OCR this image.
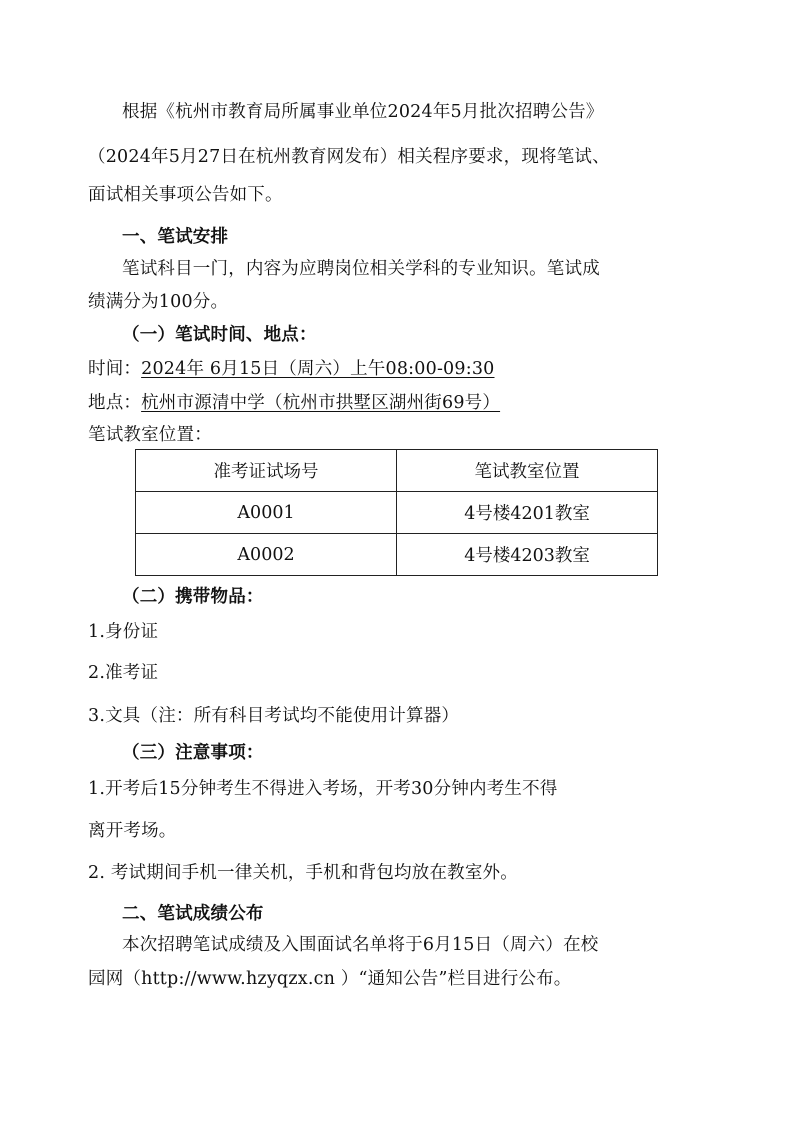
根据《杭州市教育局所属事业单位2024年5月批次招聘公告》
（2024年5月27日在杭州教育网发布）相关程序要求，现将笔试、
面试相关事项公告如下。
一、笔试安排
笔试科目一门，内容为应聘岗位相关学科的专业知识。笔试成
绩满分为100分。
（一）笔试时间、地点：
时间：2024年 6月15日（周六）上午08:00-09:30
地点：杭州市源清中学（杭州市拱墅区湖州街69号）
笔试教室位置：
准考证试场号	笔试教室位置
A0001	4号楼4201教室
A0002	4号楼4203教室
（二）携带物品：
1.身份证
2.准考证
3.文具（注：所有科目考试均不能使用计算器）
（三）注意事项：
1.开考后15分钟考生不得进入考场，开考30分钟内考生不得
离开考场。
2. 考试期间手机一律关机，手机和背包均放在教室外。
二、笔试成绩公布
本次招聘笔试成绩及入围面试名单将于6月15日（周六）在校
园网（http://www.hzyqzx.cn ）“通知公告”栏目进行公布。
